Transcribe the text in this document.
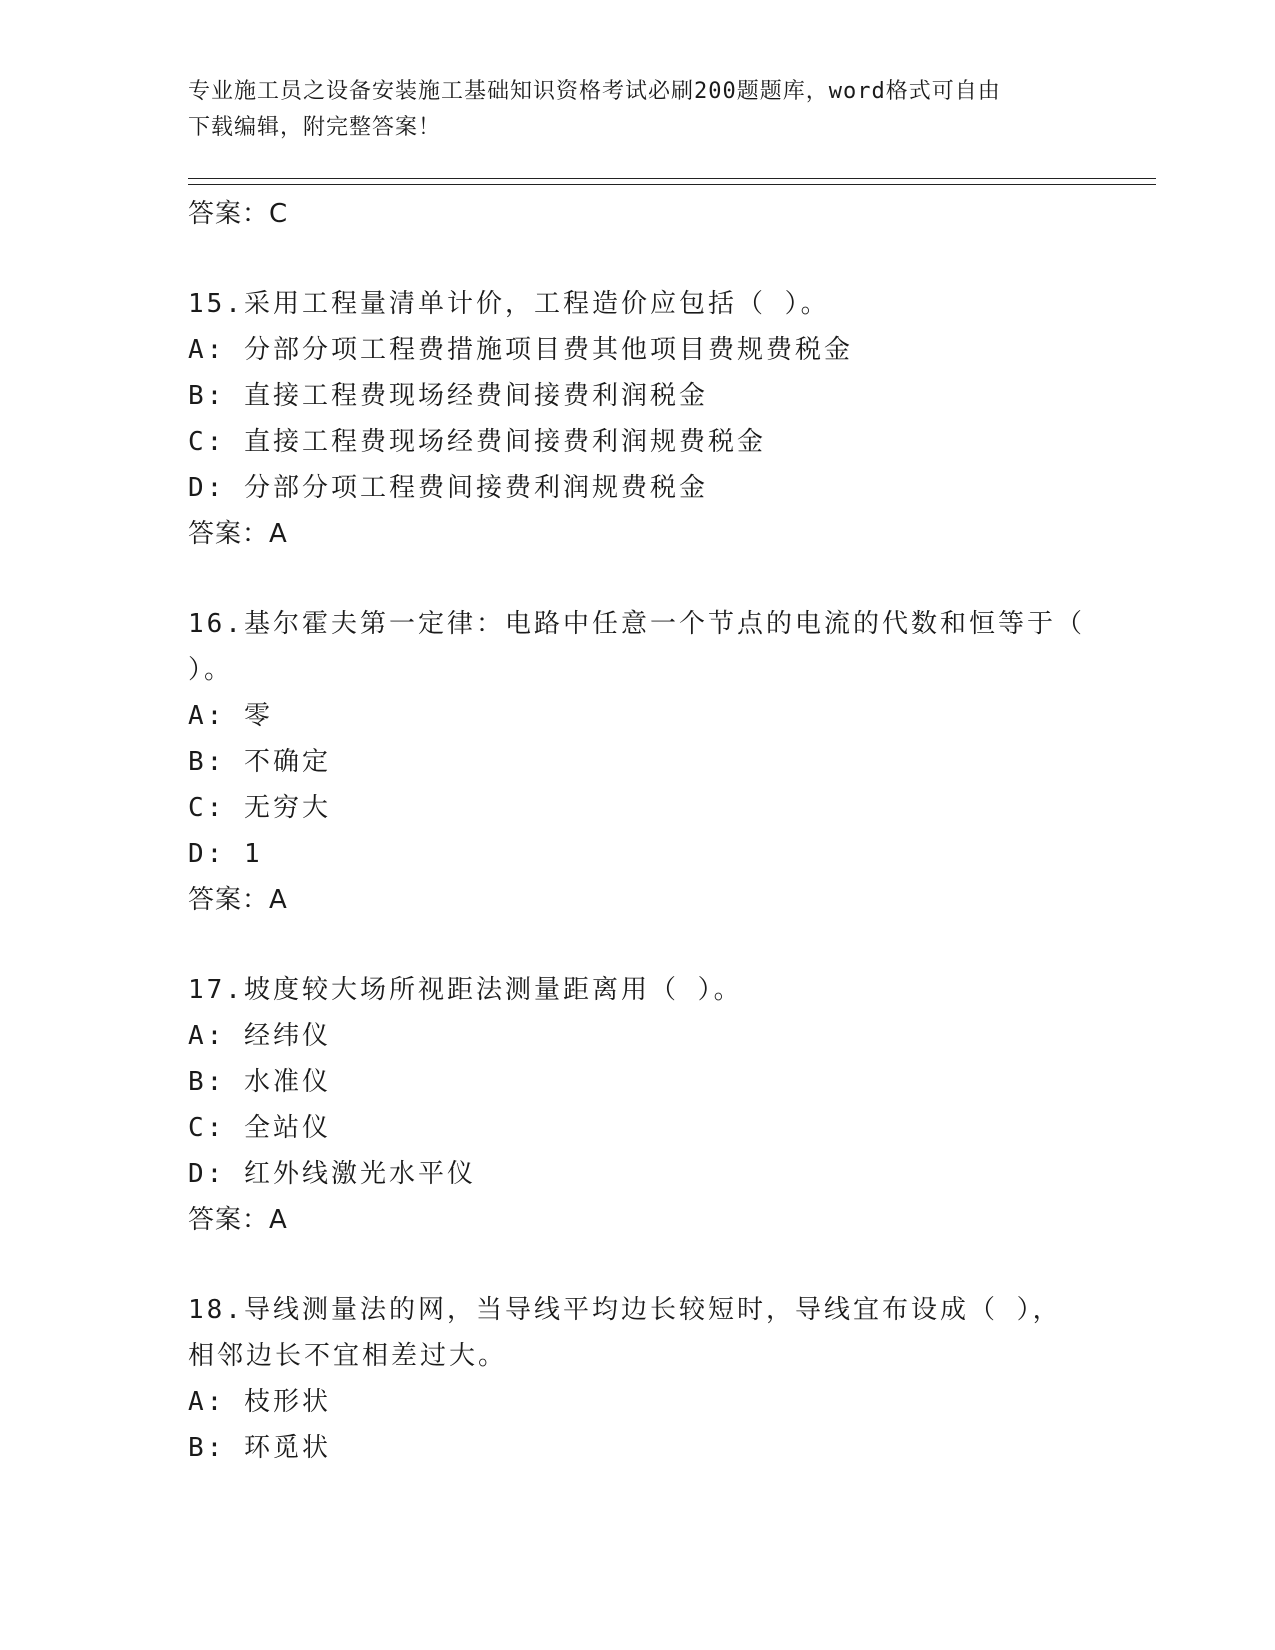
专业施工员之设备安装施工基础知识资格考试必刷200题题库，word格式可自由
下载编辑，附完整答案！
答案：C
15.采用工程量清单计价，工程造价应包括（ ）。
A: 分部分项工程费措施项目费其他项目费规费税金
B: 直接工程费现场经费间接费利润税金
C: 直接工程费现场经费间接费利润规费税金
D: 分部分项工程费间接费利润规费税金
答案：A
16.基尔霍夫第一定律：电路中任意一个节点的电流的代数和恒等于（
）。
A: 零
B: 不确定
C: 无穷大
D: 1
答案：A
17.坡度较大场所视距法测量距离用（ ）。
A: 经纬仪
B: 水准仪
C: 全站仪
D: 红外线激光水平仪
答案：A
18.导线测量法的网，当导线平均边长较短时，导线宜布设成（ ），
相邻边长不宜相差过大。
A: 枝形状
B: 环觅状
